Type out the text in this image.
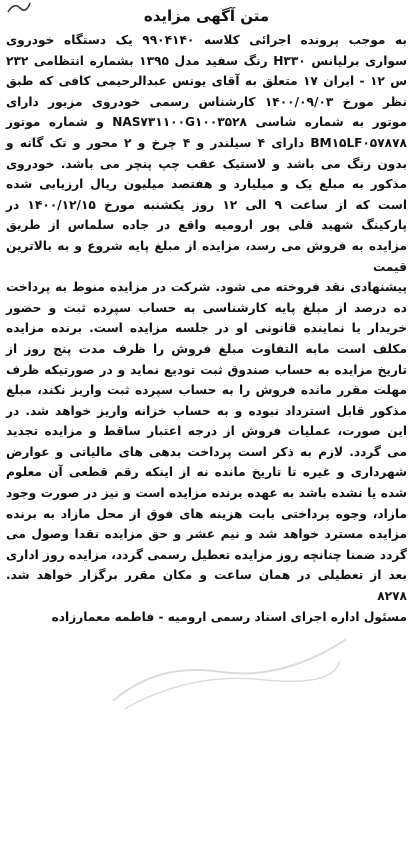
متن آگهی مزایده

به موجب پرونده اجرائی کلاسه ۹۹۰۴۱۴۰ یک دستگاه خودروی سواری برلیانس H۳۳۰ رنگ سفید مدل ۱۳۹۵ بشماره انتظامی ۲۳۲ س ۱۲ - ایران ۱۷ متعلق به آقای یونس عبدالرحیمی کافی که طبق نظر مورخ ۱۴۰۰/۰۹/۰۳ کارشناس رسمی خودروی مزبور دارای موتور به شماره شاسی NAS۷۳۱۱۰۰G۱۰۰۳۵۲۸ و شماره موتور BM۱۵LF۰۵۷۸۷۸ دارای ۴ سیلندر و ۴ چرخ و ۲ محور و تک گانه و بدون رنگ می باشد و لاستیک عقب چپ پنچر می باشد. خودروی مذکور به مبلغ یک و میلیارد و هفتصد میلیون ریال ارزیابی شده است که از ساعت ۹ الی ۱۲ روز یکشنبه مورخ ۱۴۰۰/۱۲/۱۵ در پارکینگ شهید قلی پور ارومیه واقع در جاده سلماس از طریق مزایده به فروش می رسد، مزایده از مبلغ پایه شروع و به بالاترین قیمت

پیشنهادی نقد فروخته می شود. شرکت در مزایده منوط به پرداخت ده درصد از مبلغ پایه کارشناسی به حساب سپرده ثبت و حضور خریدار یا نماینده قانونی او در جلسه مزایده است. برنده مزایده مکلف است مابه التفاوت مبلغ فروش را ظرف مدت پنج روز از تاریخ مزایده به حساب صندوق ثبت تودیع نماید و در صورتیکه ظرف مهلت مقرر مانده فروش را به حساب سپرده ثبت واریز نکند، مبلغ مذکور قابل استرداد نبوده و به حساب خزانه واریز خواهد شد. در این صورت، عملیات فروش از درجه اعتبار ساقط و مزایده تجدید می گردد. لازم به ذکر است پرداخت بدهی های مالیاتی و عوارض شهرداری و غیره تا تاریخ مانده نه از اینکه رقم قطعی آن معلوم شده یا نشده باشد به عهده برنده مزایده است و نیز در صورت وجود مازاد، وجوه پرداختی بابت هزینه های فوق از محل مازاد به برنده مزایده مسترد خواهد شد و نیم عشر و حق مزایده نقدا وصول می گردد ضمنا چنانچه روز مزایده تعطیل رسمی گردد، مزایده روز اداری بعد از تعطیلی در همان ساعت و مکان مقرر برگزار خواهد شد. ۸۲۷۸

مسئول اداره اجرای اسناد رسمی ارومیه - فاطمه معمارزاده
